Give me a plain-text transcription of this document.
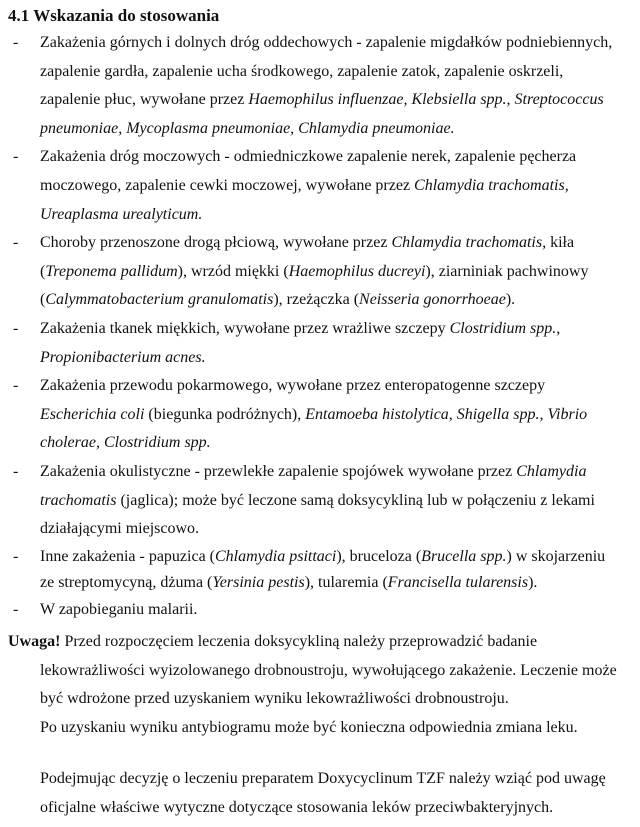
4.1 Wskazania do stosowania
- Zakażenia górnych i dolnych dróg oddechowych - zapalenie migdałków podniebiennych,
zapalenie gardła, zapalenie ucha środkowego, zapalenie zatok, zapalenie oskrzeli,
zapalenie płuc, wywołane przez Haemophilus influenzae, Klebsiella spp., Streptococcus
pneumoniae, Mycoplasma pneumoniae, Chlamydia pneumoniae.
- Zakażenia dróg moczowych - odmiedniczkowe zapalenie nerek, zapalenie pęcherza
moczowego, zapalenie cewki moczowej, wywołane przez Chlamydia trachomatis,
Ureaplasma urealyticum.
- Choroby przenoszone drogą płciową, wywołane przez Chlamydia trachomatis, kiła
(Treponema pallidum), wrzód miękki (Haemophilus ducreyi), ziarniniak pachwinowy
(Calymmatobacterium granulomatis), rzeżączka (Neisseria gonorrhoeae).
- Zakażenia tkanek miękkich, wywołane przez wrażliwe szczepy Clostridium spp.,
Propionibacterium acnes.
- Zakażenia przewodu pokarmowego, wywołane przez enteropatogenne szczepy
Escherichia coli (biegunka podróżnych), Entamoeba histolytica, Shigella spp., Vibrio
cholerae, Clostridium spp.
- Zakażenia okulistyczne - przewlekłe zapalenie spojówek wywołane przez Chlamydia
trachomatis (jaglica); może być leczone samą doksycykliną lub w połączeniu z lekami
działającymi miejscowo.
- Inne zakażenia - papuzica (Chlamydia psittaci), bruceloza (Brucella spp.) w skojarzeniu
ze streptomycyną, dżuma (Yersinia pestis), tularemia (Francisella tularensis).
- W zapobieganiu malarii.
Uwaga! Przed rozpoczęciem leczenia doksycykliną należy przeprowadzić badanie
lekowrażliwości wyizolowanego drobnoustroju, wywołującego zakażenie. Leczenie może
być wdrożone przed uzyskaniem wyniku lekowrażliwości drobnoustroju.
Po uzyskaniu wyniku antybiogramu może być konieczna odpowiednia zmiana leku.
Podejmując decyzję o leczeniu preparatem Doxycyclinum TZF należy wziąć pod uwagę
oficjalne właściwe wytyczne dotyczące stosowania leków przeciwbakteryjnych.
